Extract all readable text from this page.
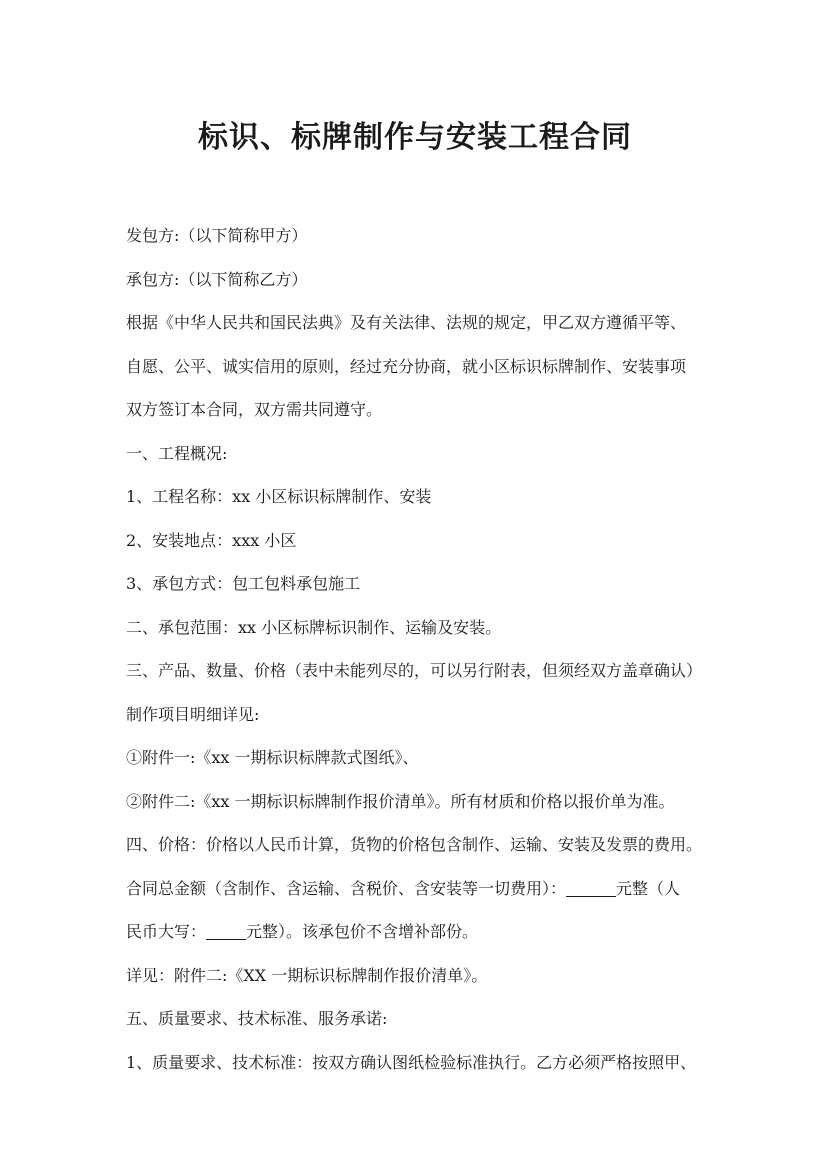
标识、标牌制作与安装工程合同

发包方:（以下简称甲方）

承包方:（以下简称乙方）

根据《中华人民共和国民法典》及有关法律、法规的规定，甲乙双方遵循平等、

自愿、公平、诚实信用的原则，经过充分协商，就小区标识标牌制作、安装事项

双方签订本合同，双方需共同遵守。

一、工程概况:

1、工程名称：xx 小区标识标牌制作、安装

2、安装地点：xxx 小区

3、承包方式：包工包料承包施工

二、承包范围：xx 小区标牌标识制作、运输及安装。

三、产品、数量、价格（表中未能列尽的，可以另行附表，但须经双方盖章确认）

制作项目明细详见:

①附件一:《xx 一期标识标牌款式图纸》、

②附件二:《xx 一期标识标牌制作报价清单》。所有材质和价格以报价单为准。

四、价格：价格以人民币计算，货物的价格包含制作、运输、安装及发票的费用。

合同总金额（含制作、含运输、含税价、含安装等一切费用）：	元整（人

民币大写：	元整）。该承包价不含增补部份。

详见：附件二:《XX 一期标识标牌制作报价清单》。

五、质量要求、技术标准、服务承诺:

1、质量要求、技术标准：按双方确认图纸检验标准执行。乙方必须严格按照甲、
